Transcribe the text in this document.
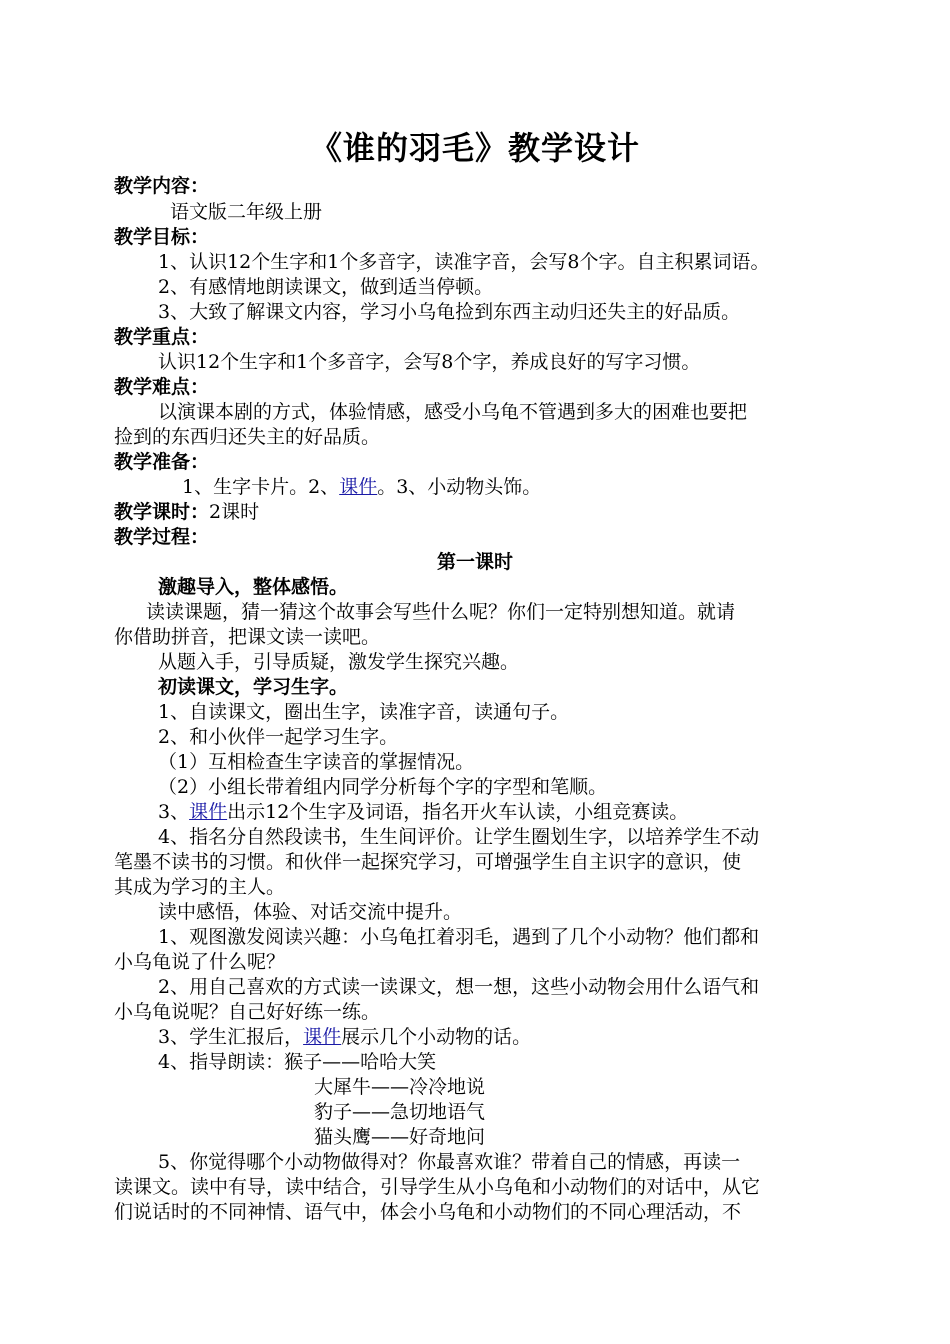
《谁的羽毛》教学设计
教学内容：
语文版二年级上册
教学目标：
1、认识12个生字和1个多音字，读准字音，会写8个字。自主积累词语。
2、有感情地朗读课文，做到适当停顿。
3、大致了解课文内容，学习小乌龟捡到东西主动归还失主的好品质。
教学重点：
认识12个生字和1个多音字，会写8个字，养成良好的写字习惯。
教学难点：
以演课本剧的方式，体验情感，感受小乌龟不管遇到多大的困难也要把
捡到的东西归还失主的好品质。
教学准备：
1、生字卡片。2、课件。3、小动物头饰。
教学课时：2课时
教学过程：
第一课时
激趣导入，整体感悟。
读读课题，猜一猜这个故事会写些什么呢？你们一定特别想知道。就请
你借助拼音，把课文读一读吧。
从题入手，引导质疑，激发学生探究兴趣。
初读课文，学习生字。
1、自读课文，圈出生字，读准字音，读通句子。
2、和小伙伴一起学习生字。
（1）互相检查生字读音的掌握情况。
（2）小组长带着组内同学分析每个字的字型和笔顺。
3、课件出示12个生字及词语，指名开火车认读，小组竞赛读。
4、指名分自然段读书，生生间评价。让学生圈划生字，以培养学生不动
笔墨不读书的习惯。和伙伴一起探究学习，可增强学生自主识字的意识，使
其成为学习的主人。
读中感悟，体验、对话交流中提升。
1、观图激发阅读兴趣：小乌龟扛着羽毛，遇到了几个小动物？他们都和
小乌龟说了什么呢？
2、用自己喜欢的方式读一读课文，想一想，这些小动物会用什么语气和
小乌龟说呢？自己好好练一练。
3、学生汇报后，课件展示几个小动物的话。
4、指导朗读：猴子——哈哈大笑
大犀牛——冷冷地说
豹子——急切地语气
猫头鹰——好奇地问
5、你觉得哪个小动物做得对？你最喜欢谁？带着自己的情感，再读一
读课文。读中有导，读中结合，引导学生从小乌龟和小动物们的对话中，从它
们说话时的不同神情、语气中，体会小乌龟和小动物们的不同心理活动，不
